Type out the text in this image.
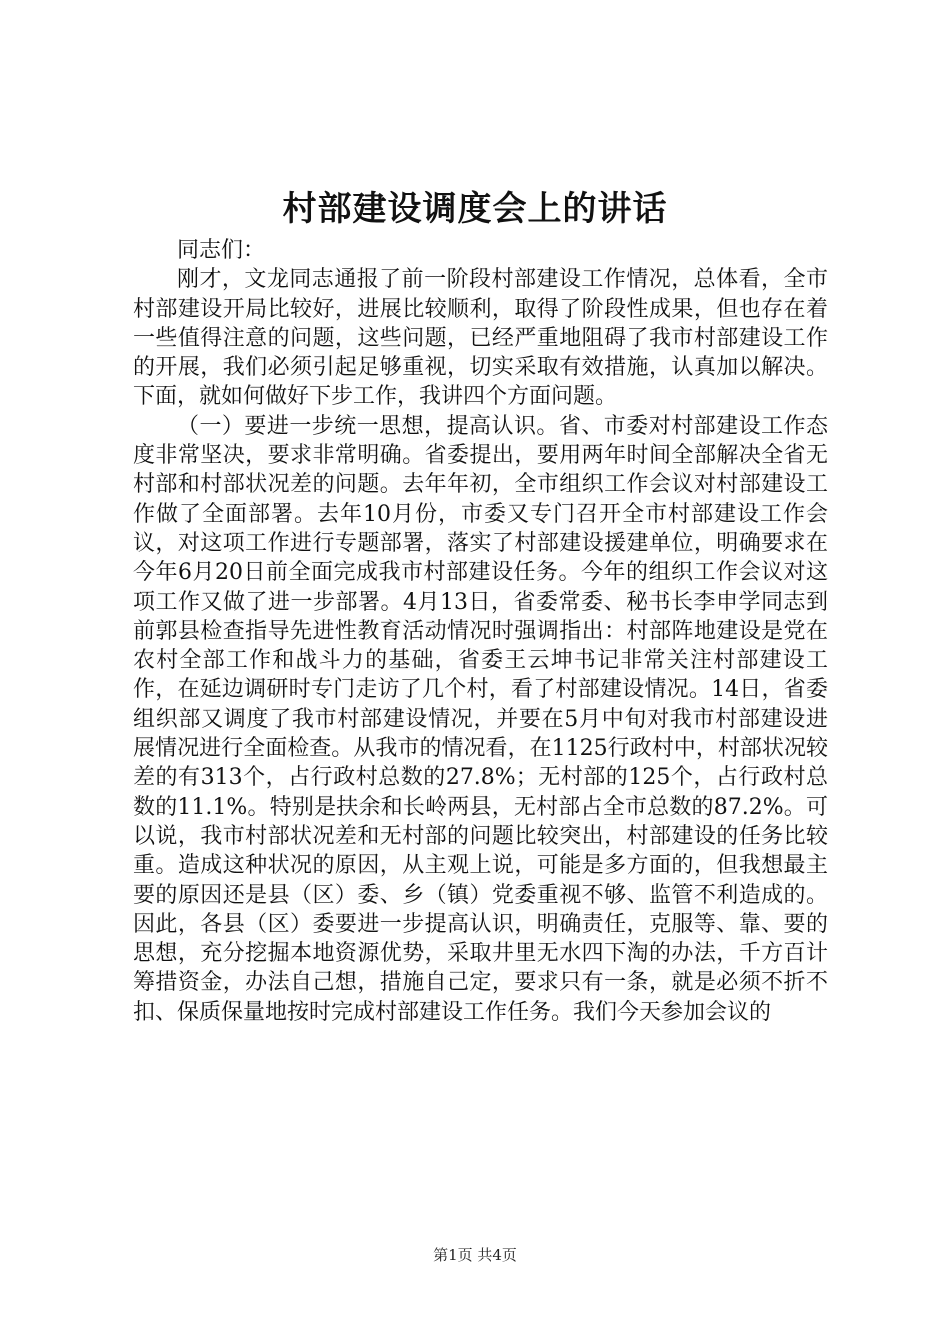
村部建设调度会上的讲话

同志们：

刚才，文龙同志通报了前一阶段村部建设工作情况，总体看，全市村部建设开局比较好，进展比较顺利，取得了阶段性成果，但也存在着一些值得注意的问题，这些问题，已经严重地阻碍了我市村部建设工作的开展，我们必须引起足够重视，切实采取有效措施，认真加以解决。下面，就如何做好下步工作，我讲四个方面问题。

（一）要进一步统一思想，提高认识。省、市委对村部建设工作态度非常坚决，要求非常明确。省委提出，要用两年时间全部解决全省无村部和村部状况差的问题。去年年初，全市组织工作会议对村部建设工作做了全面部署。去年10月份，市委又专门召开全市村部建设工作会议，对这项工作进行专题部署，落实了村部建设援建单位，明确要求在今年6月20日前全面完成我市村部建设任务。今年的组织工作会议对这项工作又做了进一步部署。4月13日，省委常委、秘书长李申学同志到前郭县检查指导先进性教育活动情况时强调指出：村部阵地建设是党在农村全部工作和战斗力的基础，省委王云坤书记非常关注村部建设工作，在延边调研时专门走访了几个村，看了村部建设情况。14日，省委组织部又调度了我市村部建设情况，并要在5月中旬对我市村部建设进展情况进行全面检查。从我市的情况看，在1125行政村中，村部状况较差的有313个，占行政村总数的27.8%；无村部的125个，占行政村总数的11.1%。特别是扶余和长岭两县，无村部占全市总数的87.2%。可以说，我市村部状况差和无村部的问题比较突出，村部建设的任务比较重。造成这种状况的原因，从主观上说，可能是多方面的，但我想最主要的原因还是县（区）委、乡（镇）党委重视不够、监管不利造成的。因此，各县（区）委要进一步提高认识，明确责任，克服等、靠、要的思想，充分挖掘本地资源优势，采取井里无水四下淘的办法，千方百计筹措资金，办法自己想，措施自己定，要求只有一条，就是必须不折不扣、保质保量地按时完成村部建设工作任务。我们今天参加会议的

第1页 共4页
